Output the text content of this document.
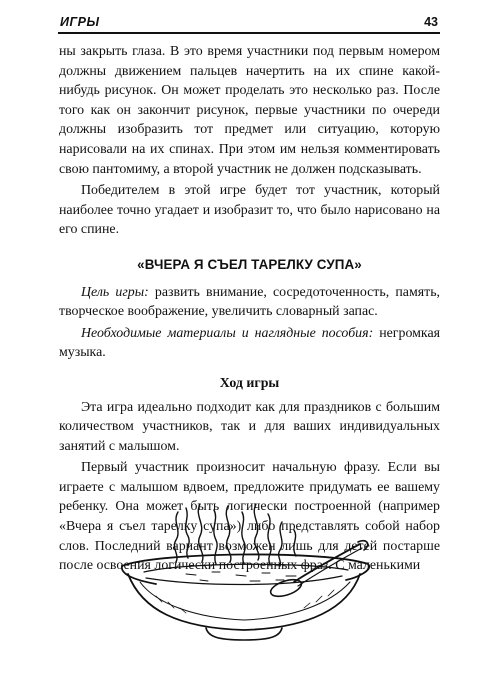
ИГРЫ	43

ны закрыть глаза. В это время участники под первым номером должны движением пальцев начертить на их спине какой-нибудь рисунок. Он может проделать это несколько раз. После того как он закончит рисунок, первые участники по очереди должны изобразить тот предмет или ситуацию, которую нарисовали на их спинах. При этом им нельзя комментировать свою пантомиму, а второй участник не должен подсказывать.

Победителем в этой игре будет тот участник, который наиболее точно угадает и изобразит то, что было нарисовано на его спине.

«ВЧЕРА Я СЪЕЛ ТАРЕЛКУ СУПА»

Цель игры: развить внимание, сосредоточенность, память, творческое воображение, увеличить словарный запас.

Необходимые материалы и наглядные пособия: негромкая музыка.

Ход игры

Эта игра идеально подходит как для праздников с большим количеством участников, так и для ваших индивидуальных занятий с малышом.

Первый участник произносит начальную фразу. Если вы играете с малышом вдвоем, предложите придумать ее вашему ребенку. Она может быть логически построенной (например «Вчера я съел тарелку супа») либо представлять собой набор слов. Последний вариант возможен лишь для детей постарше после освоения логически построенных фраз. С маленькими
